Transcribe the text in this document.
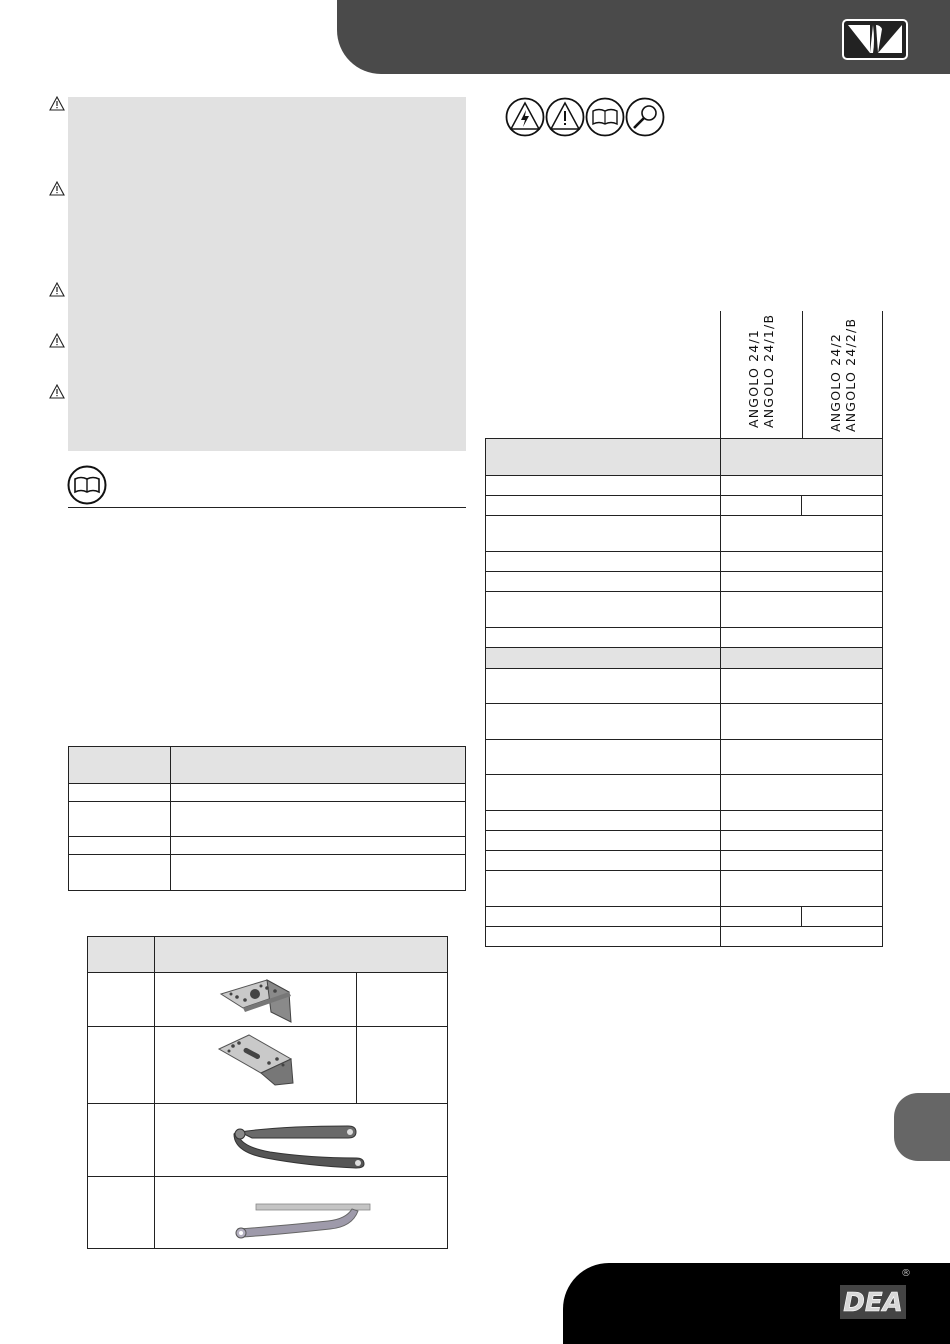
ANGOLO 24/1 ANGOLO 24/1/B	ANGOLO 24/2 ANGOLO 24/2/B
DEA
®
